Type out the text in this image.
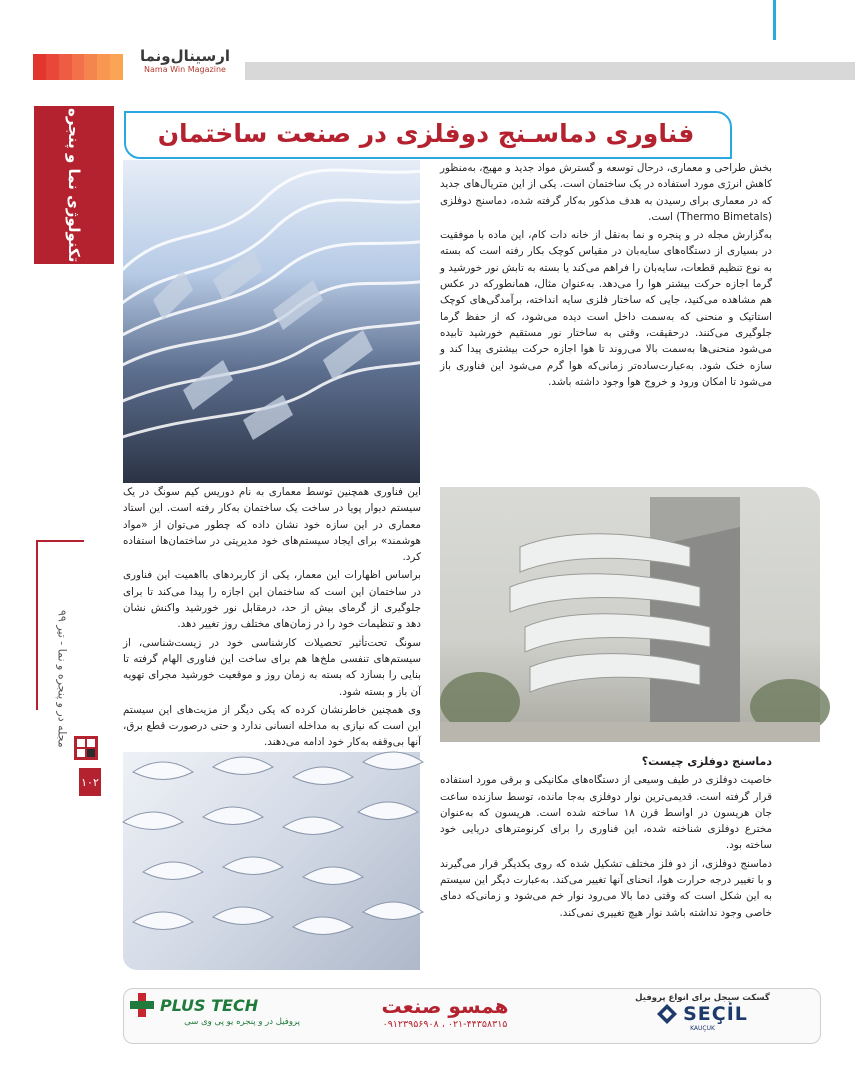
ارسینال‌ونما
Nama Win Magazine
تکنولوژی نما و پنجره	فناوری دماسـنج دوفلزی در صنعت ساختمان
مجله در و پنجره و نما - تیر ۹۹
۱۰۲

بخش طراحی و معماری، درحال توسعه و گسترش مواد جدید و مهیج، به‌منظور کاهش انرژی مورد استفاده در یک ساختمان است. یکی از این متریال‌های جدید که در معماری برای رسیدن به هدف مذکور به‌کار گرفته شده، دماسنج دوفلزی (Thermo Bimetals) است.

به‌گزارش مجله در و پنجره و نما به‌نقل از خانه دات کام، این ماده با موفقیت در بسیاری از دستگاه‌های سایه‌بان در مقیاس کوچک بکار رفته است که بسته به نوع تنظیم قطعات، سایه‌بان را فراهم می‌کند یا بسته به تابش نور خورشید و گرما اجازه حرکت بیشتر هوا را می‌دهد. به‌عنوان مثال، همانطورکه در عکس هم مشاهده می‌کنید، جایی که ساختار فلزی سایه انداخته، برآمدگی‌های کوچک استاتیک و منحنی که به‌سمت داخل است دیده می‌شود، که از حفظ گرما جلوگیری می‌کنند. درحقیقت، وقتی به ساختار نور مستقیم خورشید تابیده می‌شود منحنی‌ها به‌سمت بالا می‌روند تا هوا اجازه حرکت بیشتری پیدا کند و سازه خنک شود. به‌عبارت‌ساده‌تر زمانی‌که هوا گرم می‌شود این فناوری باز می‌شود تا امکان ورود و خروج هوا وجود داشته باشد.

این فناوری همچنین توسط معماری به نام دوریس کیم سونگ در یک سیستم دیوار پویا در ساخت یک ساختمان به‌کار رفته است. این استاد معماری در این سازه خود نشان داده که چطور می‌توان از «مواد هوشمند» برای ایجاد سیستم‌های خود مدیریتی در ساختمان‌ها استفاده کرد.

براساس اظهارات این معمار، یکی از کاربردهای بااهمیت این فناوری در ساختمان این است که ساختمان این اجازه را پیدا می‌کند تا برای جلوگیری از گرمای بیش از حد، درمقابل نور خورشید واکنش نشان دهد و تنظیمات خود را در زمان‌های مختلف روز تغییر دهد.

سونگ تحت‌تأثیر تحصیلات کارشناسی خود در زیست‌شناسی، از سیستم‌های تنفسی ملخ‌ها هم برای ساخت این فناوری الهام گرفته تا بنایی را بسازد که بسته به زمان روز و موقعیت خورشید مجرای تهویه آن باز و بسته شود.

وی همچنین خاطرنشان کرده که یکی دیگر از مزیت‌های این سیستم این است که نیازی به مداخله انسانی ندارد و حتی درصورت قطع برق، آنها بی‌وقفه به‌کار خود ادامه می‌دهند.

دماسنج دوفلزی چیست؟

خاصیت دوفلزی در طیف وسیعی از دستگاه‌های مکانیکی و برقی مورد استفاده قرار گرفته است. قدیمی‌ترین نوار دوفلزی به‌جا مانده، توسط سازنده ساعت جان هریسون در اواسط قرن ۱۸ ساخته شده است. هریسون که به‌عنوان مخترع دوفلزی شناخته شده، این فناوری را برای کرنومترهای دریایی خود ساخته بود.

دماسنج دوفلزی، از دو فلز مختلف تشکیل شده که روی یکدیگر قرار می‌گیرند و با تغییر درجه حرارت هوا، انحنای آنها تغییر می‌کند. به‌عبارت دیگر این سیستم به این شکل است که وقتی دما بالا می‌رود نوار خم می‌شود و زمانی‌که دمای خاصی وجود نداشته باشد نوار هیچ تغییری نمی‌کند.

PLUS TECH
پروفیل در و پنجره یو پی وی سی
همسو صنعت
۰۲۱-۴۴۳۵۸۳۱۵ ، ۰۹۱۲۳۹۵۶۹۰۸
گسکت سیجل برای انواع پروفیل
SEÇİL
KAUÇUK
